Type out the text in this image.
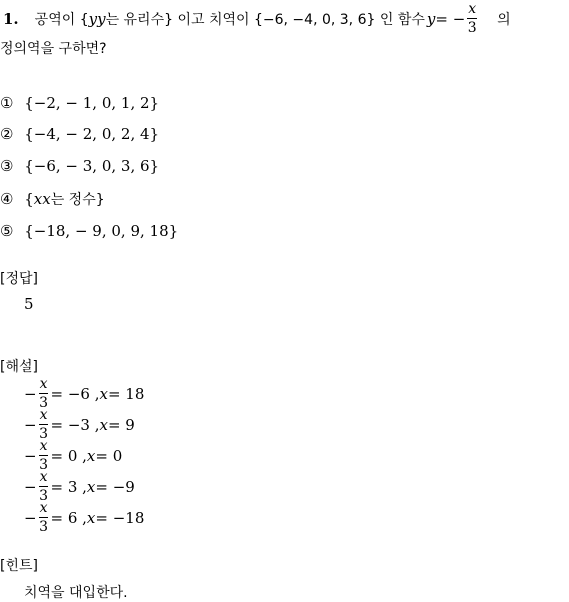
1. 공역이 { yy 는 유리수} 이고 치역이 {−6, −4, 0, 3, 6} 인 함수 y = − $\frac{x}{3}$ 의
정의역을 구하면?
① {−2, − 1, 0, 1, 2}
② {−4, − 2, 0, 2, 4}
③ {−6, − 3, 0, 3, 6}
④ {xx는 정수}
⑤ {−18, − 9, 0, 9, 18}
[정답]
5
[해설]
− $\frac{x}{3} = -6$ , x = 18
− $\frac{x}{3} = -3$ , x = 9
− $\frac{x}{3} = 0$ , x = 0
− $\frac{x}{3} = 3$ , x = −9
− $\frac{x}{3} = 6$ , x = −18
[힌트]
치역을 대입한다.
